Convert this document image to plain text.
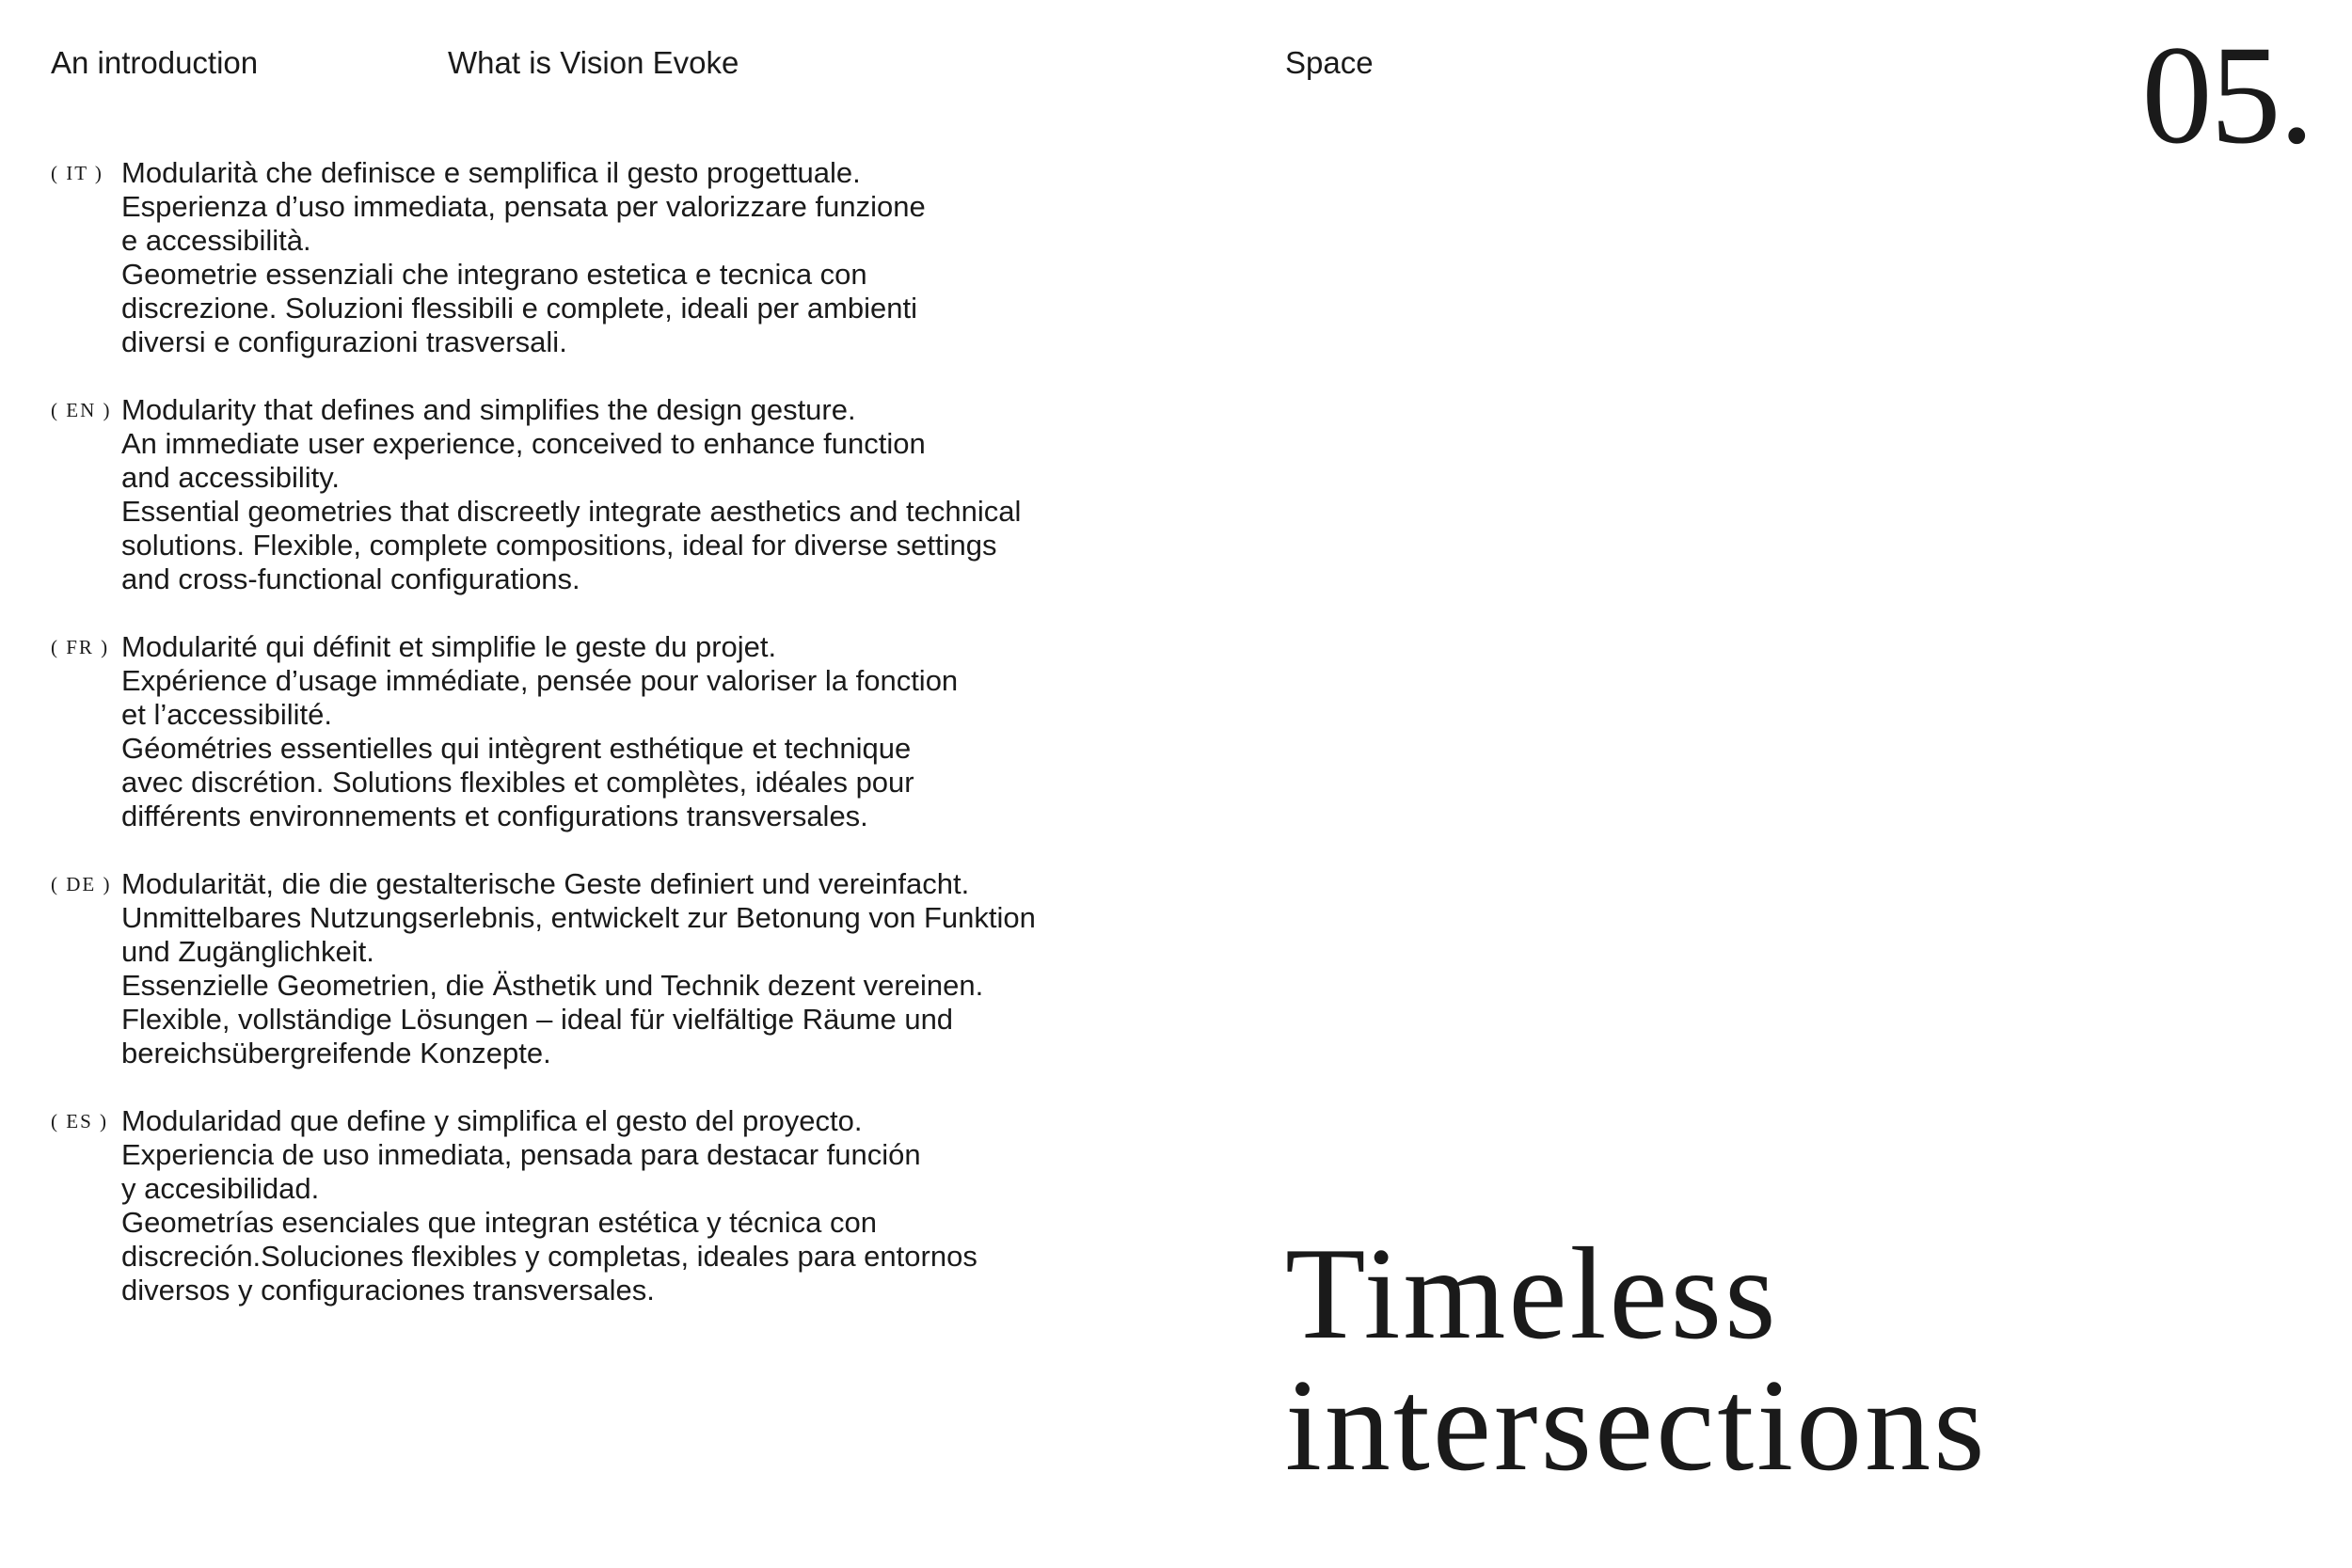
An introduction	What is Vision Evoke	Space	05.
( IT ) Modularità che definisce e semplifica il gesto progettuale.
Esperienza d’uso immediata, pensata per valorizzare funzione
e accessibilità.
Geometrie essenziali che integrano estetica e tecnica con
discrezione. Soluzioni flessibili e complete, ideali per ambienti
diversi e configurazioni trasversali.
( EN ) Modularity that defines and simplifies the design gesture.
An immediate user experience, conceived to enhance function
and accessibility.
Essential geometries that discreetly integrate aesthetics and technical
solutions. Flexible, complete compositions, ideal for diverse settings
and cross-functional configurations.
( FR ) Modularité qui définit et simplifie le geste du projet.
Expérience d’usage immédiate, pensée pour valoriser la fonction
et l’accessibilité.
Géométries essentielles qui intègrent esthétique et technique
avec discrétion. Solutions flexibles et complètes, idéales pour
différents environnements et configurations transversales.
( DE ) Modularität, die die gestalterische Geste definiert und vereinfacht.
Unmittelbares Nutzungserlebnis, entwickelt zur Betonung von Funktion
und Zugänglichkeit.
Essenzielle Geometrien, die Ästhetik und Technik dezent vereinen.
Flexible, vollständige Lösungen – ideal für vielfältige Räume und
bereichsübergreifende Konzepte.
( ES ) Modularidad que define y simplifica el gesto del proyecto.
Experiencia de uso inmediata, pensada para destacar función
y accesibilidad.
Geometrías esenciales que integran estética y técnica con
discreción.Soluciones flexibles y completas, ideales para entornos
diversos y configuraciones transversales.	Timeless
intersections
